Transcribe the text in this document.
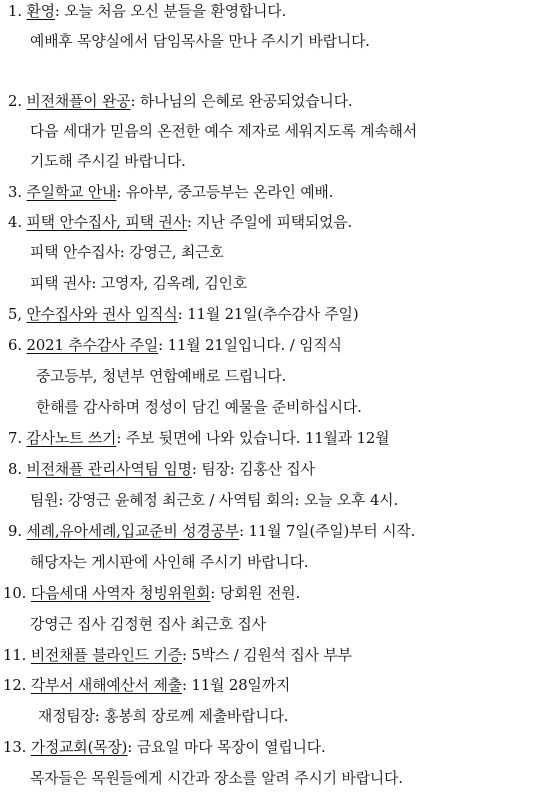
1. 환영: 오늘 처음 오신 분들을 환영합니다.
예배후 목양실에서 담임목사을 만나 주시기 바랍니다.
2. 비전채플이 완공: 하나님의 은혜로 완공되었습니다.
다음 세대가 믿음의 온전한 예수 제자로 세워지도록 계속해서
기도해 주시길 바랍니다.
3. 주일학교 안내: 유아부, 중고등부는 온라인 예배.
4. 피택 안수집사, 피택 권사: 지난 주일에 피택되었음.
피택 안수집사: 강영근, 최근호
피택 권사: 고영자, 김옥례, 김인호
5, 안수집사와 권사 임직식: 11월 21일(추수감사 주일)
6. 2021 추수감사 주일: 11월 21일입니다. / 임직식
중고등부, 청년부 연합예배로 드립니다.
한해를 감사하며 정성이 담긴 예물을 준비하십시다.
7. 감사노트 쓰기: 주보 뒷면에 나와 있습니다. 11월과 12월
8. 비전채플 관리사역팀 임명: 팀장: 김홍산 집사
팀원: 강영근 윤혜정 최근호 / 사역팀 회의: 오늘 오후 4시.
9. 세례,유아세례,입교준비 성경공부: 11월 7일(주일)부터 시작.
해당자는 게시판에 사인해 주시기 바랍니다.
10. 다음세대 사역자 청빙위원회: 당회원 전원.
강영근 집사 김정현 집사 최근호 집사
11. 비전채플 블라인드 기증: 5박스 / 김원석 집사 부부
12. 각부서 새해예산서 제출: 11월 28일까지
재정팀장: 홍봉희 장로께 제출바랍니다.
13. 가정교회(목장): 금요일 마다 목장이 열립니다.
목자들은 목원들에게 시간과 장소를 알려 주시기 바랍니다.
